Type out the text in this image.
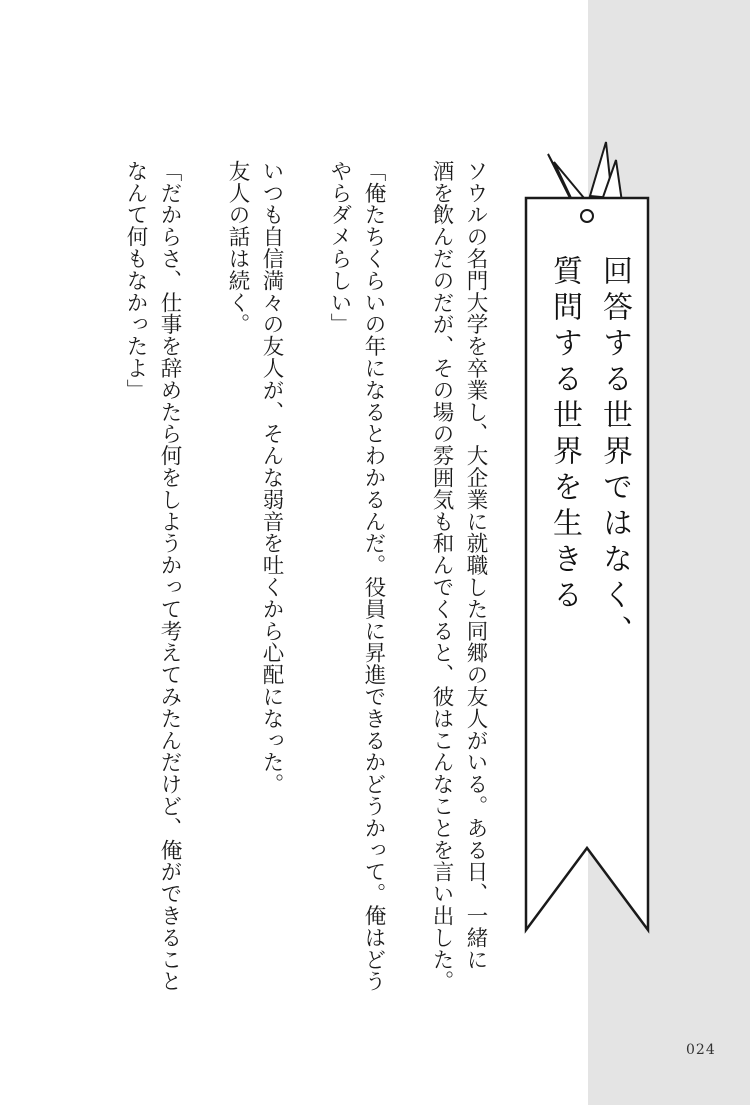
回答する世界ではなく、
質問する世界を生きる

ソウルの名門大学を卒業し、大企業に就職した同郷の友人がいる。ある日、一緒に

酒を飲んだのだが、その場の雰囲気も和んでくると、彼はこんなことを言い出した。

「俺たちくらいの年になるとわかるんだ。役員に昇進できるかどうかって。俺はどう

やらダメらしい」

いつも自信満々の友人が、そんな弱音を吐くから心配になった。

友人の話は続く。

「だからさ、仕事を辞めたら何をしようかって考えてみたんだけど、俺ができること

なんて何もなかったよ」

024
